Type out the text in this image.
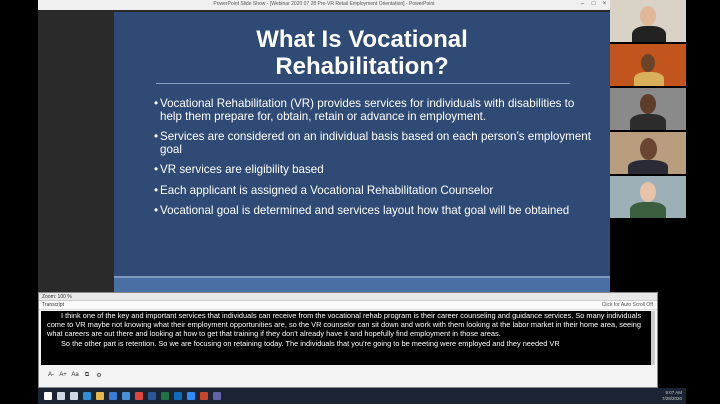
PowerPoint Slide Show - [Webinar 2020 07 28 Pre-VR Retail Employment Orientation] - PowerPoint	–	□ ×
What Is Vocational
Rehabilitation?
• Vocational Rehabilitation (VR) provides services for individuals with disabilities to help them prepare for, obtain, retain or advance in employment.
• Services are considered on an individual basis based on each person’s employment goal
• VR services are eligibility based
• Each applicant is assigned a Vocational Rehabilitation Counselor
• Vocational goal is determined and services layout how that goal will be obtained
Zoom: 100 %
Transcript	Click for Auto Scroll Off

I think one of the key and important services that individuals can receive from the vocational rehab program is their career counseling and guidance services. So many individuals come to VR maybe not knowing what their employment opportunities are, so the VR counselor can sit down and work with them looking at the labor market in their home area, seeing what careers are out there and looking at how to get that training if they don't already have it and hopefully find employment in those areas.

So the other part is retention. So we are focusing on retaining today. The individuals that you're going to be meeting were employed and they needed VR

A- A+ Aa	⧉	⚙
9:07 AM
7/28/2020
